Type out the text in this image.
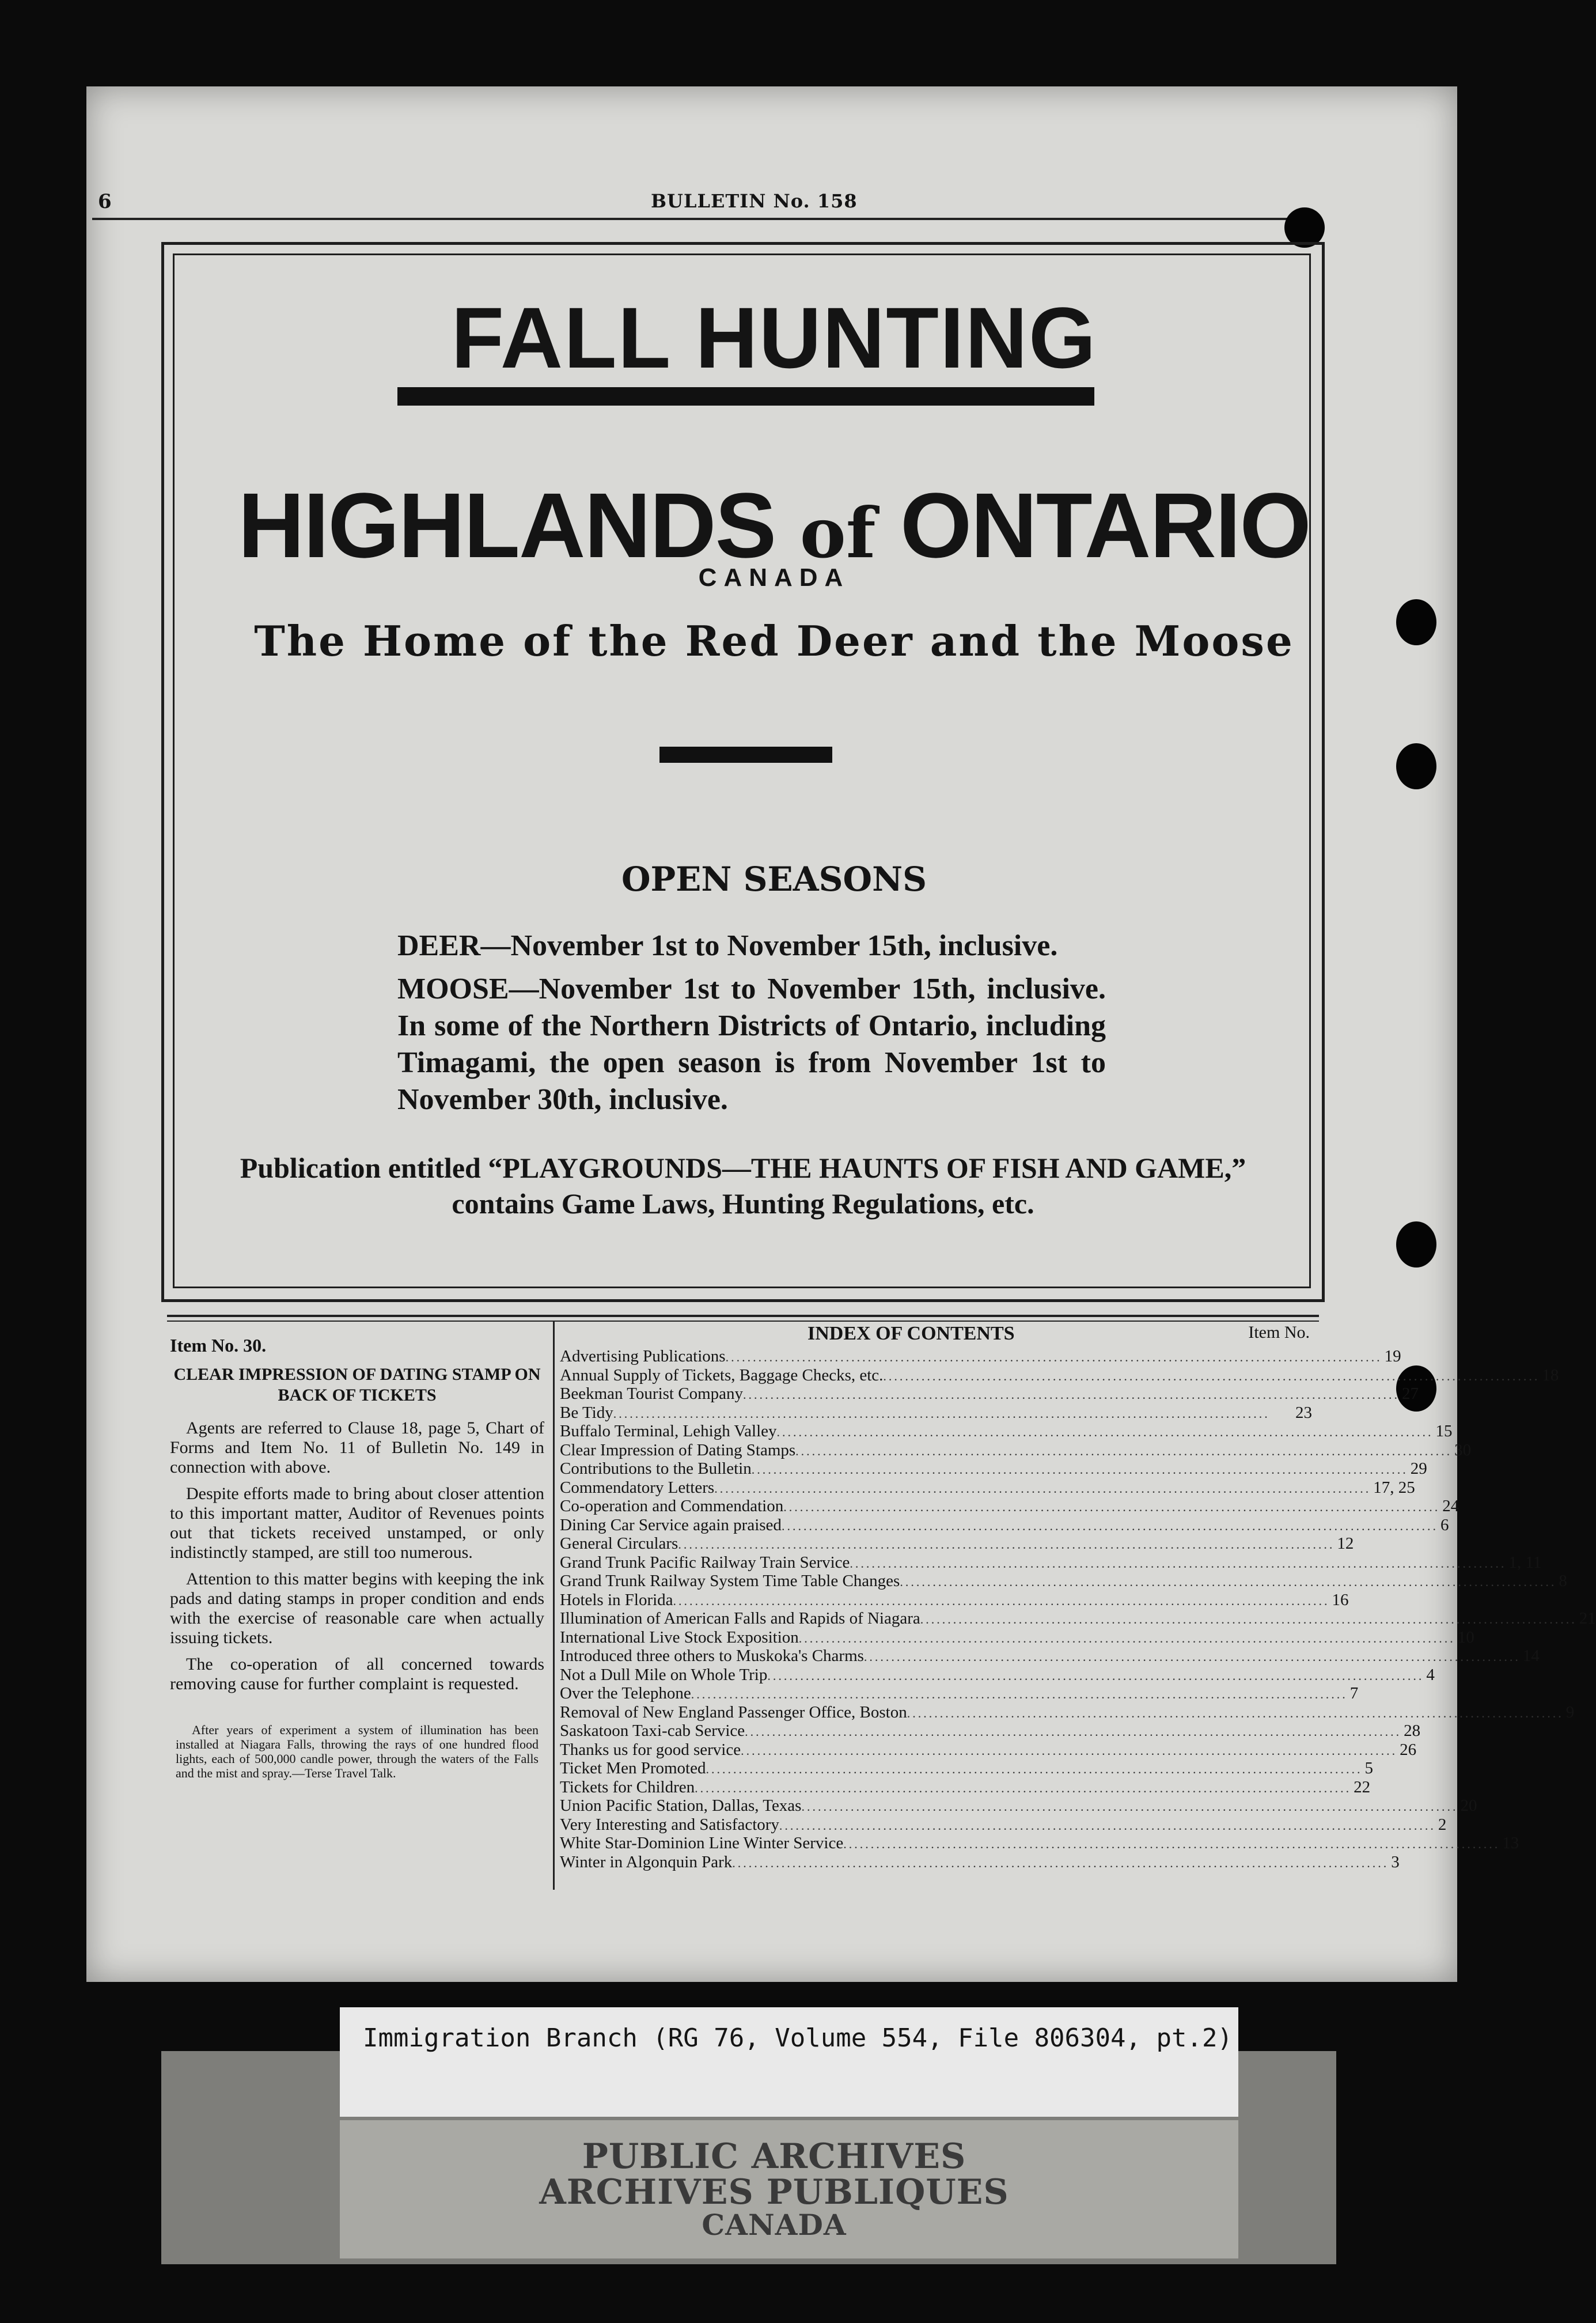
6	BULLETIN No. 158
FALL HUNTING
HIGHLANDS of ONTARIO
CANADA
The Home of the Red Deer and the Moose
OPEN SEASONS
DEER—November 1st to November 15th, inclusive.
MOOSE—November 1st to November 15th, inclusive. In some of the Northern Districts of Ontario, including Timagami, the open season is from November 1st to November 30th, inclusive.
Publication entitled “PLAYGROUNDS—THE HAUNTS OF FISH AND GAME,” contains Game Laws, Hunting Regulations, etc.
Item No. 30.
CLEAR IMPRESSION OF DATING STAMP ON BACK OF TICKETS

Agents are referred to Clause 18, page 5, Chart of Forms and Item No. 11 of Bulletin No. 149 in connection with above.

Despite efforts made to bring about closer attention to this important matter, Auditor of Revenues points out that tickets received unstamped, or only indistinctly stamped, are still too numerous.

Attention to this matter begins with keeping the ink pads and dating stamps in proper condition and ends with the exercise of reasonable care when actually issuing tickets.

The co-operation of all concerned towards removing cause for further complaint is requested.

After years of experiment a system of illumination has been installed at Niagara Falls, throwing the rays of one hundred flood lights, each of 500,000 candle power, through the waters of the Falls and the mist and spray.—Terse Travel Talk.
INDEX OF CONTENTS	Item No.
Advertising Publications ........................................................................................................................ 19
Annual Supply of Tickets, Baggage Checks, etc. ........................................................................................................................ 18
Beekman Tourist Company ........................................................................................................................ 27
Be Tidy ........................................................................................................................	23
Buffalo Terminal, Lehigh Valley ........................................................................................................................ 15
Clear Impression of Dating Stamps ........................................................................................................................ 30
Contributions to the Bulletin ........................................................................................................................ 29
Commendatory Letters ........................................................................................................................ 17, 25
Co-operation and Commendation ........................................................................................................................ 24
Dining Car Service again praised ........................................................................................................................ 6
General Circulars ........................................................................................................................ 12
Grand Trunk Pacific Railway Train Service ........................................................................................................................ 1, 11
Grand Trunk Railway System Time Table Changes ........................................................................................................................ 8
Hotels in Florida ........................................................................................................................ 16
Illumination of American Falls and Rapids of Niagara ........................................................................................................................ 21
International Live Stock Exposition ........................................................................................................................ 10
Introduced three others to Muskoka's Charms ........................................................................................................................ 14
Not a Dull Mile on Whole Trip ........................................................................................................................ 4
Over the Telephone ........................................................................................................................ 7
Removal of New England Passenger Office, Boston ........................................................................................................................ 9
Saskatoon Taxi-cab Service ........................................................................................................................ 28
Thanks us for good service ........................................................................................................................ 26
Ticket Men Promoted ........................................................................................................................ 5
Tickets for Children ........................................................................................................................ 22
Union Pacific Station, Dallas, Texas ........................................................................................................................ 20
Very Interesting and Satisfactory ........................................................................................................................ 2
White Star-Dominion Line Winter Service ........................................................................................................................ 13
Winter in Algonquin Park ........................................................................................................................ 3
Immigration Branch (RG 76, Volume 554, File 806304, pt.2)
PUBLIC ARCHIVES
ARCHIVES PUBLIQUES
CANADA
